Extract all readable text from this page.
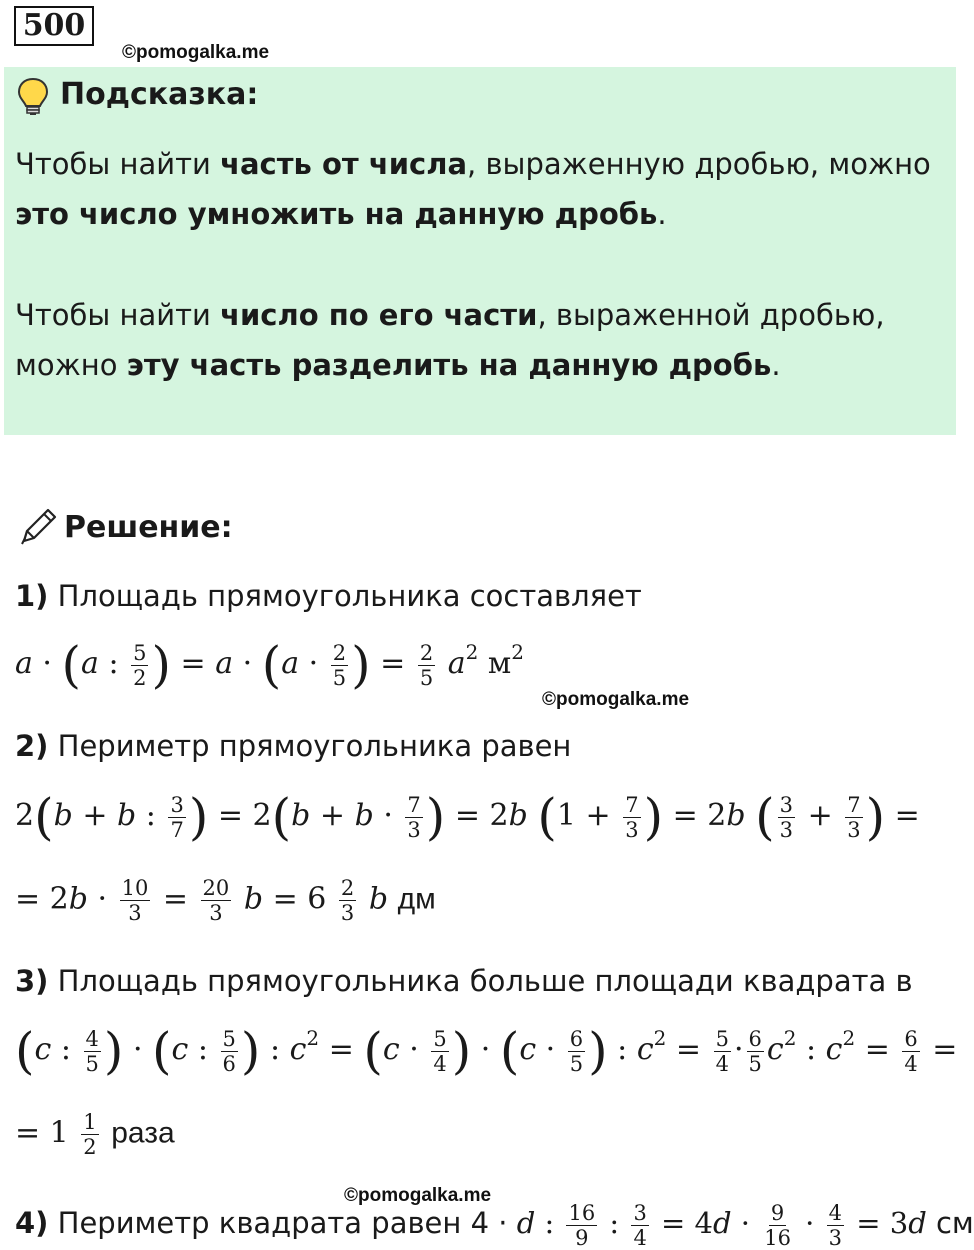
500
©pomogalka.me
Подсказка:
Чтобы найти часть от числа, выраженную дробью, можно
это число умножить на данную дробь.
Чтобы найти число по его части, выраженной дробью,
можно эту часть разделить на данную дробь.
Решение:
1) Площадь прямоугольника составляет
a · (a : $\frac{5}{2}$ ) = $a \cdot (a \cdot \frac{2}{5}$ ) = $\frac{2}{5} a^2$ $м^2$
©pomogalka.me
2) Периметр прямоугольника равен
2(b + b : $\frac{3}{7}$ ) = $2(b + b \cdot \frac{7}{3}$ ) = 2b ($1 + \frac{7}{3}$ ) = 2b ( $\frac{3}{3} + \frac{7}{3}$ ) =
= $2b \cdot \frac{10}{3} = \frac{20}{3}$ $b = 6 \frac{2}{3}$ b дм
3) Площадь прямоугольника больше площади квадрата в
(c : $\frac{4}{5}$ ) · (c : $\frac{5}{6}$ ) : $c^2 = (c \cdot \frac{5}{4}$ ) · ($c \cdot \frac{6}{5}$ ) : $c^2 = \frac{5}{4} \cdot \frac{6}{5} c^2$ : $c^2 = \frac{6}{4}$ =
= $1 \frac{1}{2}$ раза
©pomogalka.me
4) Периметр квадрата равен 4 · d : $\frac{16}{9}$ : $\frac{3}{4} = 4d \cdot \frac{9}{16} \cdot \frac{4}{3} = 3d$ см
